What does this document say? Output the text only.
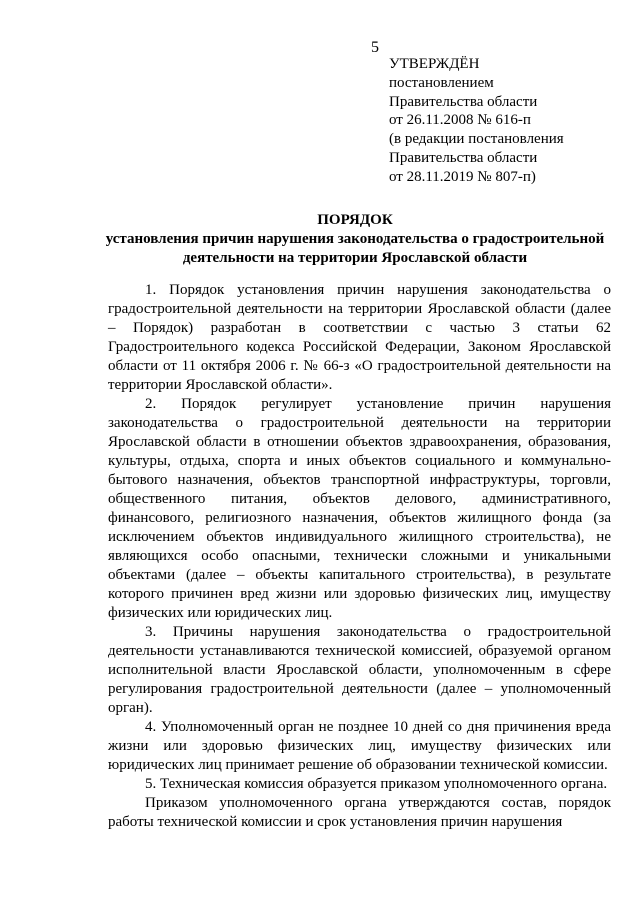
5
УТВЕРЖДЁН
постановлением
Правительства области
от 26.11.2008 № 616-п
(в редакции постановления
Правительства области
от 28.11.2019 № 807-п)
ПОРЯДОК
установления причин нарушения законодательства о градостроительной
деятельности на территории Ярославской области

1. Порядок установления причин нарушения законодательства о градостроительной деятельности на территории Ярославской области (далее – Порядок) разработан в соответствии с частью 3 статьи 62 Градостроительного кодекса Российской Федерации, Законом Ярославской области от 11 октября 2006 г. № 66-з «О градостроительной деятельности на территории Ярославской области».

2. Порядок регулирует установление причин нарушения законодательства о градостроительной деятельности на территории Ярославской области в отношении объектов здравоохранения, образования, культуры, отдыха, спорта и иных объектов социального и коммунально-бытового назначения, объектов транспортной инфраструктуры, торговли, общественного питания, объектов делового, административного, финансового, религиозного назначения, объектов жилищного фонда (за исключением объектов индивидуального жилищного строительства), не являющихся особо опасными, технически сложными и уникальными объектами (далее – объекты капитального строительства), в результате которого причинен вред жизни или здоровью физических лиц, имуществу физических или юридических лиц.

3. Причины нарушения законодательства о градостроительной деятельности устанавливаются технической комиссией, образуемой органом исполнительной власти Ярославской области, уполномоченным в сфере регулирования градостроительной деятельности (далее – уполномоченный орган).

4. Уполномоченный орган не позднее 10 дней со дня причинения вреда жизни или здоровью физических лиц, имуществу физических или юридических лиц принимает решение об образовании технической комиссии.

5. Техническая комиссия образуется приказом уполномоченного органа.

Приказом уполномоченного органа утверждаются состав, порядок работы технической комиссии и срок установления причин нарушения
